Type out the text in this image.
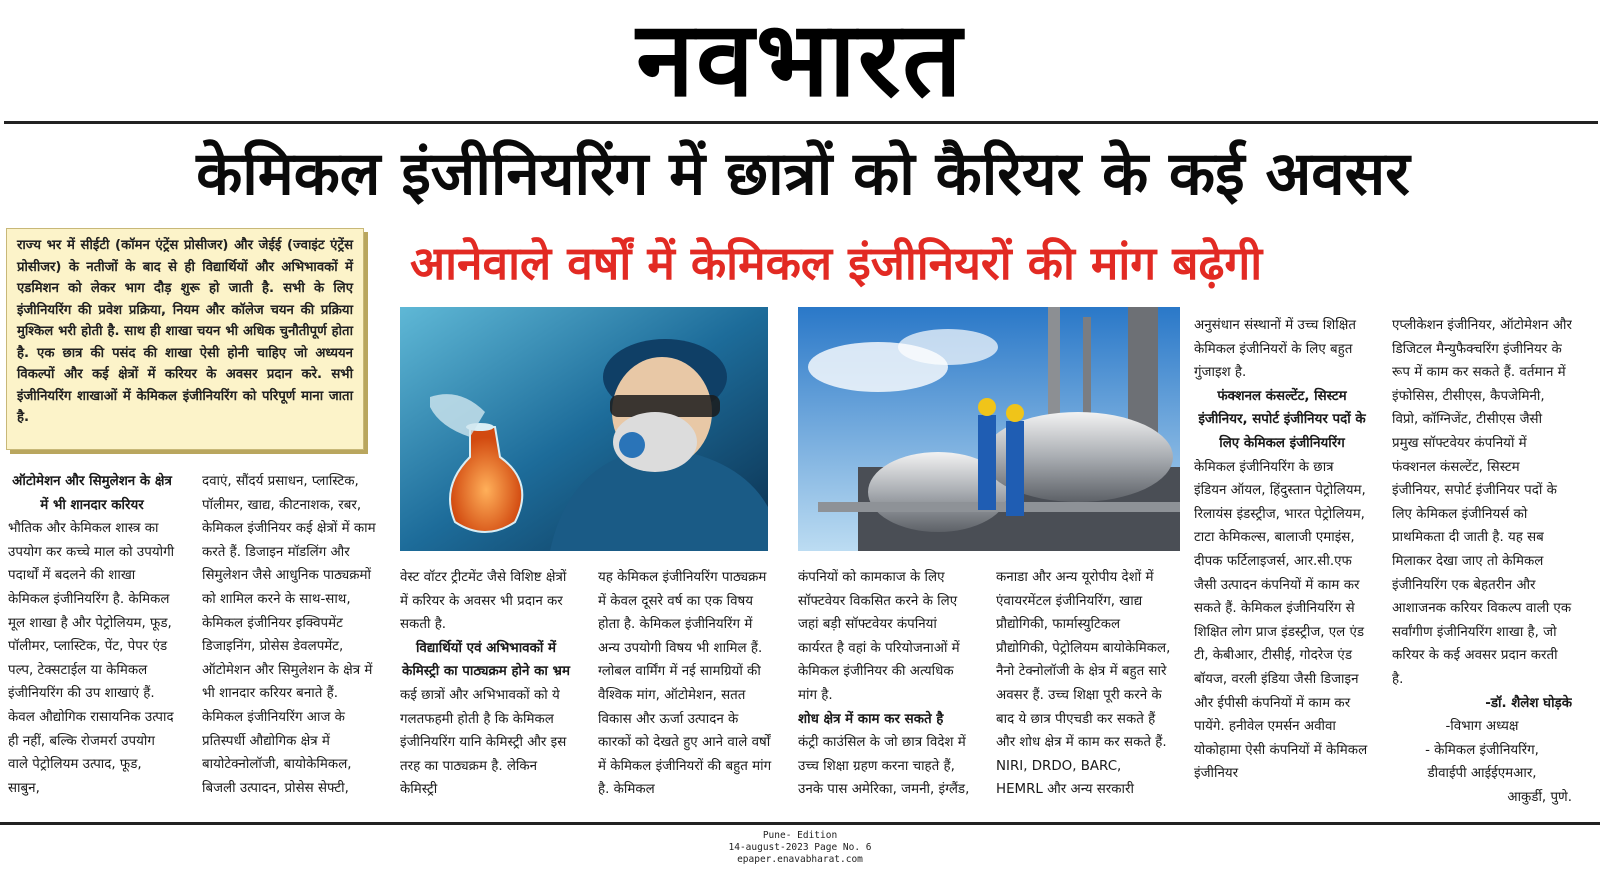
नवभारत
केमिकल इंजीनियरिंग में छात्रों को कैरियर के कई अवसर
राज्य भर में सीईटी (कॉमन एंट्रेंस प्रोसीजर) और जेईई (ज्वाइंट एंट्रेंस प्रोसीजर) के नतीजों के बाद से ही विद्यार्थियों और अभिभावकों में एडमिशन को लेकर भाग दौड़ शुरू हो जाती है. सभी के लिए इंजीनियरिंग की प्रवेश प्रक्रिया, नियम और कॉलेज चयन की प्रक्रिया मुश्किल भरी होती है. साथ ही शाखा चयन भी अधिक चुनौतीपूर्ण होता है. एक छात्र की पसंद की शाखा ऐसी होनी चाहिए जो अध्ययन विकल्पों और कई क्षेत्रों में करियर के अवसर प्रदान करे. सभी इंजीनियरिंग शाखाओं में केमिकल इंजीनियरिंग को परिपूर्ण माना जाता है.
आनेवाले वर्षों में केमिकल इंजीनियरों की मांग बढ़ेगी

ऑटोमेशन और सिमुलेशन के क्षेत्र में भी शानदार करियर

भौतिक और केमिकल शास्त्र का उपयोग कर कच्चे माल को उपयोगी पदार्थों में बदलने की शाखा केमिकल इंजीनियरिंग है. केमिकल मूल शाखा है और पेट्रोलियम, फूड, पॉलीमर, प्लास्टिक, पेंट, पेपर एंड पल्प, टेक्सटाईल या केमिकल इंजीनियरिंग की उप शाखाएं हैं. केवल औद्योगिक रासायनिक उत्पाद ही नहीं, बल्कि रोजमर्रा उपयोग वाले पेट्रोलियम उत्पाद, फूड, साबुन,

दवाएं, सौंदर्य प्रसाधन, प्लास्टिक, पॉलीमर, खाद्य, कीटनाशक, रबर, केमिकल इंजीनियर कई क्षेत्रों में काम करते हैं. डिजाइन मॉडलिंग और सिमुलेशन जैसे आधुनिक पाठ्यक्रमों को शामिल करने के साथ-साथ, केमिकल इंजीनियर इक्विपमेंट डिजाइनिंग, प्रोसेस डेवलपमेंट, ऑटोमेशन और सिमुलेशन के क्षेत्र में भी शानदार करियर बनाते हैं. केमिकल इंजीनियरिंग आज के प्रतिस्पर्धी औद्योगिक क्षेत्र में बायोटेक्नोलॉजी, बायोकेमिकल, बिजली उत्पादन, प्रोसेस सेफ्टी,

वेस्ट वॉटर ट्रीटमेंट जैसे विशिष्ट क्षेत्रों में करियर के अवसर भी प्रदान कर सकती है.

विद्यार्थियों एवं अभिभावकों में केमिस्ट्री का पाठ्यक्रम होने का भ्रम

कई छात्रों और अभिभावकों को ये गलतफहमी होती है कि केमिकल इंजीनियरिंग यानि केमिस्ट्री और इस तरह का पाठ्यक्रम है. लेकिन केमिस्ट्री

यह केमिकल इंजीनियरिंग पाठ्यक्रम में केवल दूसरे वर्ष का एक विषय होता है. केमिकल इंजीनियरिंग में अन्य उपयोगी विषय भी शामिल हैं. ग्लोबल वार्मिंग में नई सामग्रियों की वैश्विक मांग, ऑटोमेशन, सतत विकास और ऊर्जा उत्पादन के कारकों को देखते हुए आने वाले वर्षों में केमिकल इंजीनियरों की बहुत मांग है. केमिकल

कंपनियों को कामकाज के लिए सॉफ्टवेयर विकसित करने के लिए जहां बड़ी सॉफ्टवेयर कंपनियां कार्यरत है वहां के परियोजनाओं में केमिकल इंजीनियर की अत्यधिक मांग है.

शोध क्षेत्र में काम कर सकते है

कंट्री काउंसिल के जो छात्र विदेश में उच्च शिक्षा ग्रहण करना चाहते हैं, उनके पास अमेरिका, जमनी, इंग्लैंड,

कनाडा और अन्य यूरोपीय देशों में एंवायरमेंटल इंजीनियरिंग, खाद्य प्रौद्योगिकी, फार्मास्युटिकल प्रौद्योगिकी, पेट्रोलियम बायोकेमिकल, नैनो टेक्नोलॉजी के क्षेत्र में बहुत सारे अवसर हैं. उच्च शिक्षा पूरी करने के बाद ये छात्र पीएचडी कर सकते हैं और शोध क्षेत्र में काम कर सकते हैं. NIRI, DRDO, BARC, HEMRL और अन्य सरकारी

अनुसंधान संस्थानों में उच्च शिक्षित केमिकल इंजीनियरों के लिए बहुत गुंजाइश है.

फंक्शनल कंसल्टेंट, सिस्टम इंजीनियर, सपोर्ट इंजीनियर पदों के लिए केमिकल इंजीनियरिंग

केमिकल इंजीनियरिंग के छात्र इंडियन ऑयल, हिंदुस्तान पेट्रोलियम, रिलायंस इंडस्ट्रीज, भारत पेट्रोलियम, टाटा केमिकल्स, बालाजी एमाइंस, दीपक फर्टिलाइजर्स, आर.सी.एफ जैसी उत्पादन कंपनियों में काम कर सकते हैं. केमिकल इंजीनियरिंग से शिक्षित लोग प्राज इंडस्ट्रीज, एल एंड टी, केबीआर, टीसीई, गोदरेज एंड बॉयज, वरली इंडिया जैसी डिजाइन और ईपीसी कंपनियों में काम कर पायेंगे. हनीवेल एमर्सन अवीवा योकोहामा ऐसी कंपनियों में केमिकल इंजीनियर

एप्लीकेशन इंजीनियर, ऑटोमेशन और डिजिटल मैन्युफैक्चरिंग इंजीनियर के रूप में काम कर सकते हैं. वर्तमान में इंफोसिस, टीसीएस, कैपजेमिनी, विप्रो, कॉग्निजेंट, टीसीएस जैसी प्रमुख सॉफ्टवेयर कंपनियों में फंक्शनल कंसल्टेंट, सिस्टम इंजीनियर, सपोर्ट इंजीनियर पदों के लिए केमिकल इंजीनियर्स को प्राथमिकता दी जाती है. यह सब मिलाकर देखा जाए तो केमिकल इंजीनियरिंग एक बेहतरीन और आशाजनक करियर विकल्प वाली एक सर्वांगीण इंजीनियरिंग शाखा है, जो करियर के कई अवसर प्रदान करती है.

-डॉ. शैलेश घोड़के

-विभाग अध्यक्ष

- केमिकल इंजीनियरिंग,

डीवाईपी आईईएमआर,

आकुर्डी, पुणे.

Pune- Edition
14-august-2023 Page No. 6
epaper.enavabharat.com
